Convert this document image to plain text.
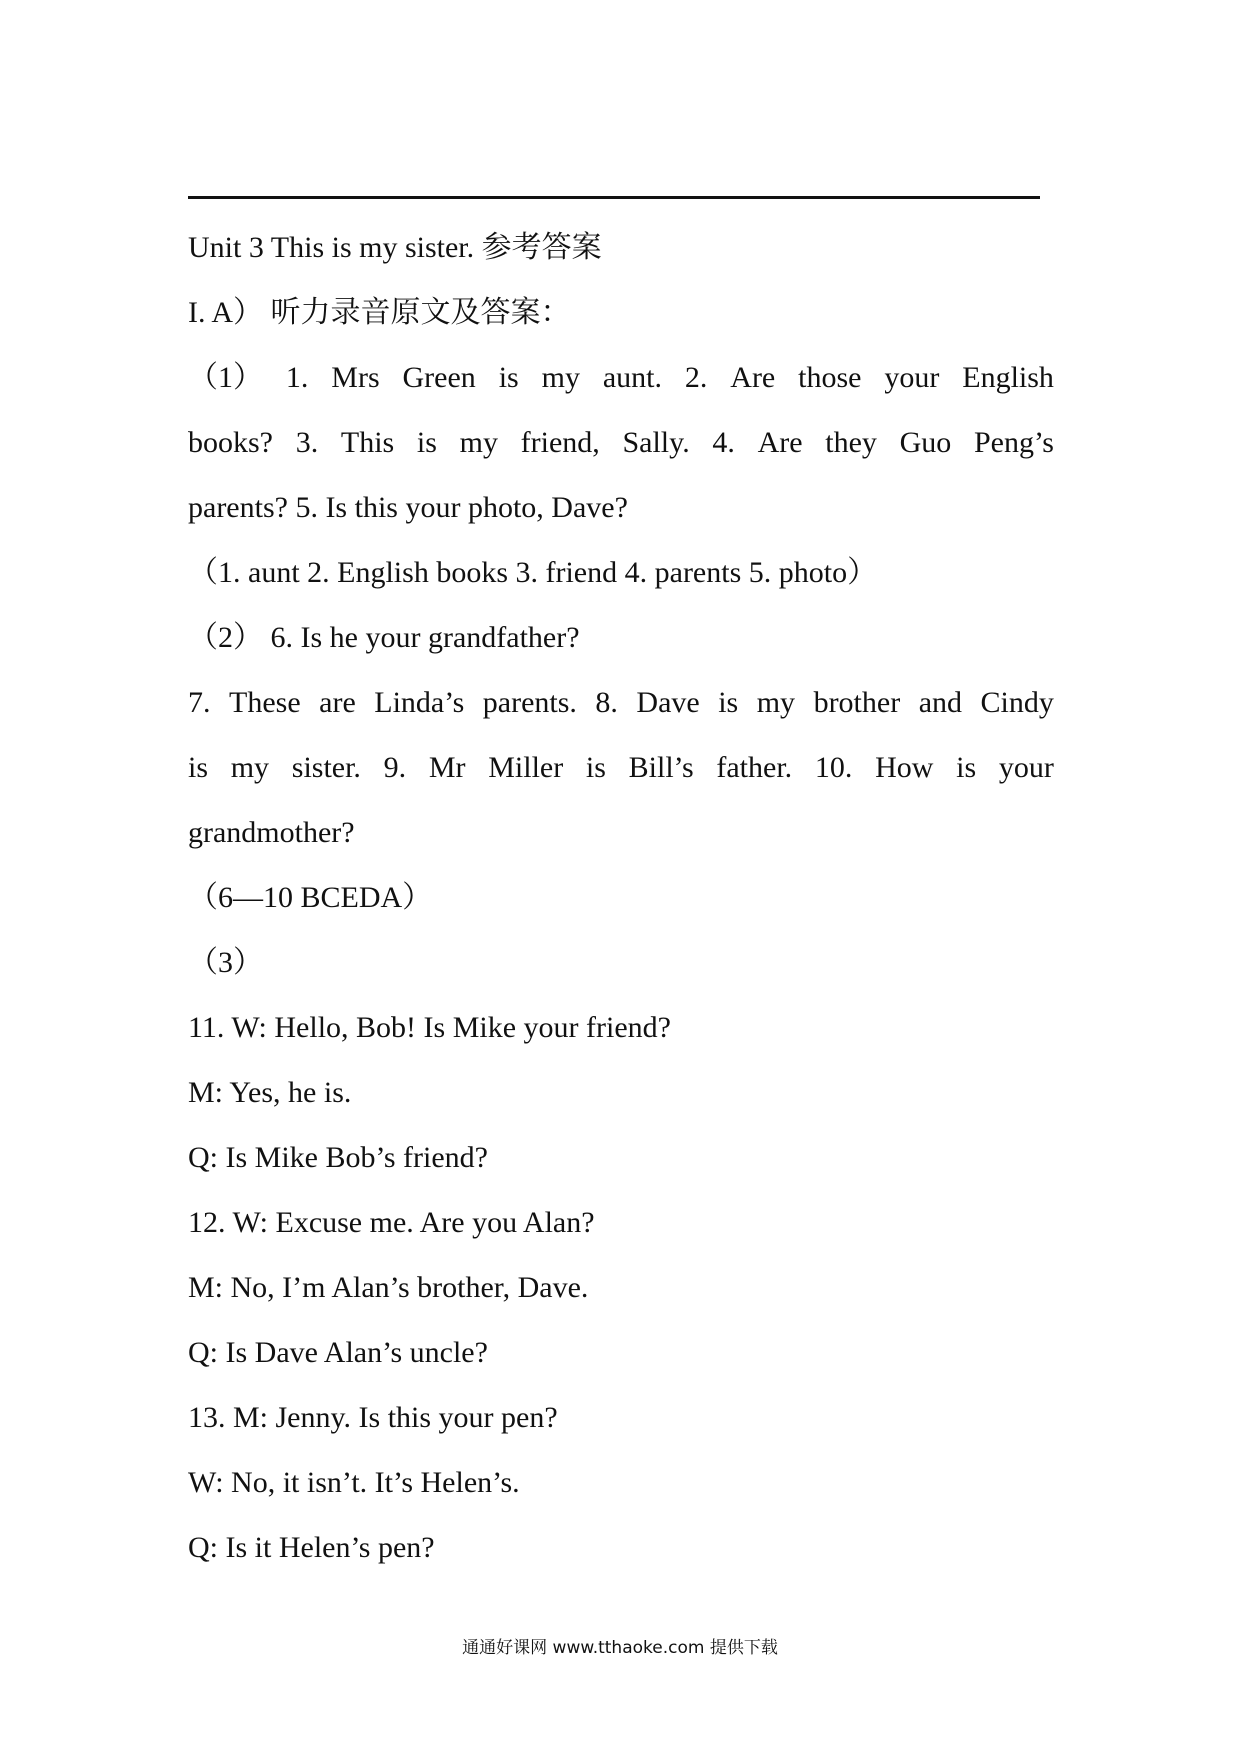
Unit 3 This is my sister. 参考答案
I. A） 听力录音原文及答案：
（1） 1. Mrs Green is my aunt. 2. Are those your English
books? 3. This is my friend, Sally. 4. Are they Guo Peng’s
parents? 5. Is this your photo, Dave?
（1. aunt 2. English books 3. friend 4. parents 5. photo）
（2） 6. Is he your grandfather?
7. These are Linda’s parents. 8. Dave is my brother and Cindy
is my sister. 9. Mr Miller is Bill’s father. 10. How is your
grandmother?
（6—10 BCEDA）
（3）
11. W: Hello, Bob! Is Mike your friend?
M: Yes, he is.
Q: Is Mike Bob’s friend?
12. W: Excuse me. Are you Alan?
M: No, I’m Alan’s brother, Dave.
Q: Is Dave Alan’s uncle?
13. M: Jenny. Is this your pen?
W: No, it isn’t. It’s Helen’s.
Q: Is it Helen’s pen?
通通好课网 www.tthaoke.com 提供下载
